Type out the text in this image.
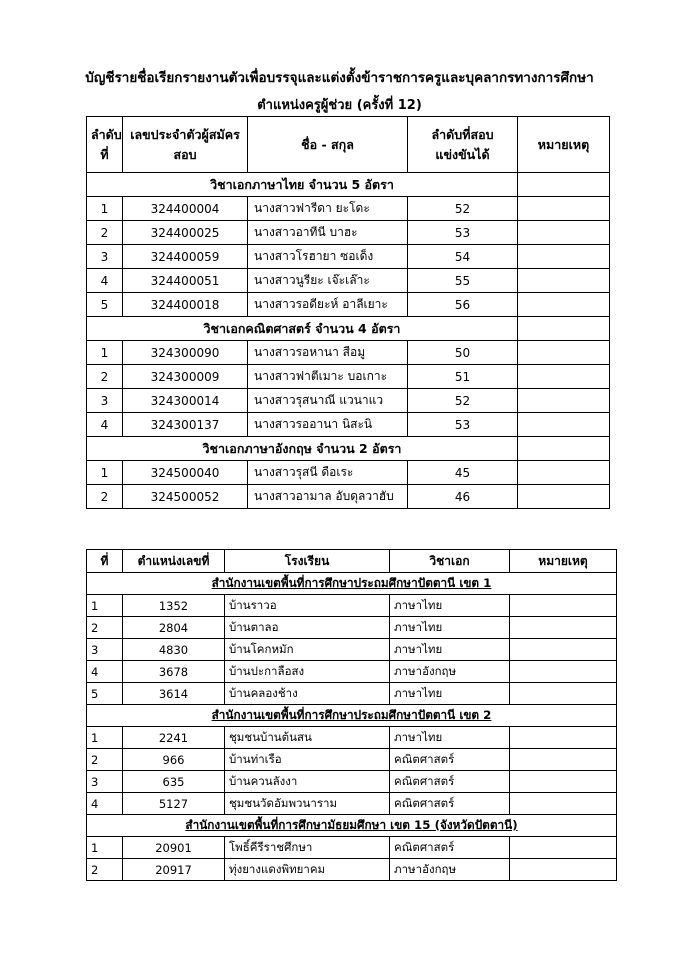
บัญชีรายชื่อเรียกรายงานตัวเพื่อบรรจุและแต่งตั้งข้าราชการครูและบุคลากรทางการศึกษา
ตำแหน่งครูผู้ช่วย (ครั้งที่ 12)
ลำดับที่	เลขประจำตัวผู้สมัครสอบ	ชื่อ - สกุล	ลำดับที่สอบแข่งขันได้	หมายเหตุ
วิชาเอกภาษาไทย จำนวน 5 อัตรา				
1	324400004	นางสาวฟารีดา ยะโดะ	52	
2	324400025	นางสาวอาทีนี บาฮะ	53	
3	324400059	นางสาวโรฮายา ซอเด็ง	54	
4	324400051	นางสาวนูรียะ เจ๊ะเล๊าะ	55	
5	324400018	นางสาวรอดียะห์ อาลีเยาะ	56	
วิชาเอกคณิตศาสตร์ จำนวน 4 อัตรา				
1	324300090	นางสาวรอหานา สือมู	50	
2	324300009	นางสาวฟาตีเมาะ บอเกาะ	51	
3	324300014	นางสาวรุสนาณี แวนาแว	52	
4	324300137	นางสาวรออานา นิสะนิ	53	
วิชาเอกภาษาอังกฤษ จำนวน 2 อัตรา				
1	324500040	นางสาวรุสนี ดือเระ	45	
2	324500052	นางสาวอามาล อับดุลวาฮับ	46	
ที่	ตำแหน่งเลขที่	โรงเรียน	วิชาเอก	หมายเหตุ
สำนักงานเขตพื้นที่การศึกษาประถมศึกษาปัตตานี เขต 1				
1	1352	บ้านราวอ	ภาษาไทย	
2	2804	บ้านตาลอ	ภาษาไทย	
3	4830	บ้านโคกหมัก	ภาษาไทย	
4	3678	บ้านปะกาลือสง	ภาษาอังกฤษ	
5	3614	บ้านคลองช้าง	ภาษาไทย	
สำนักงานเขตพื้นที่การศึกษาประถมศึกษาปัตตานี เขต 2				
1	2241	ชุมชนบ้านต้นสน	ภาษาไทย	
2	966	บ้านท่าเรือ	คณิตศาสตร์	
3	635	บ้านควนลังงา	คณิตศาสตร์	
4	5127	ชุมชนวัดอัมพวนาราม	คณิตศาสตร์	
สำนักงานเขตพื้นที่การศึกษามัธยมศึกษา เขต 15 (จังหวัดปัตตานี)				
1	20901	โพธิ์คีรีราชศึกษา	คณิตศาสตร์	
2	20917	ทุ่งยางแดงพิทยาคม	ภาษาอังกฤษ	
